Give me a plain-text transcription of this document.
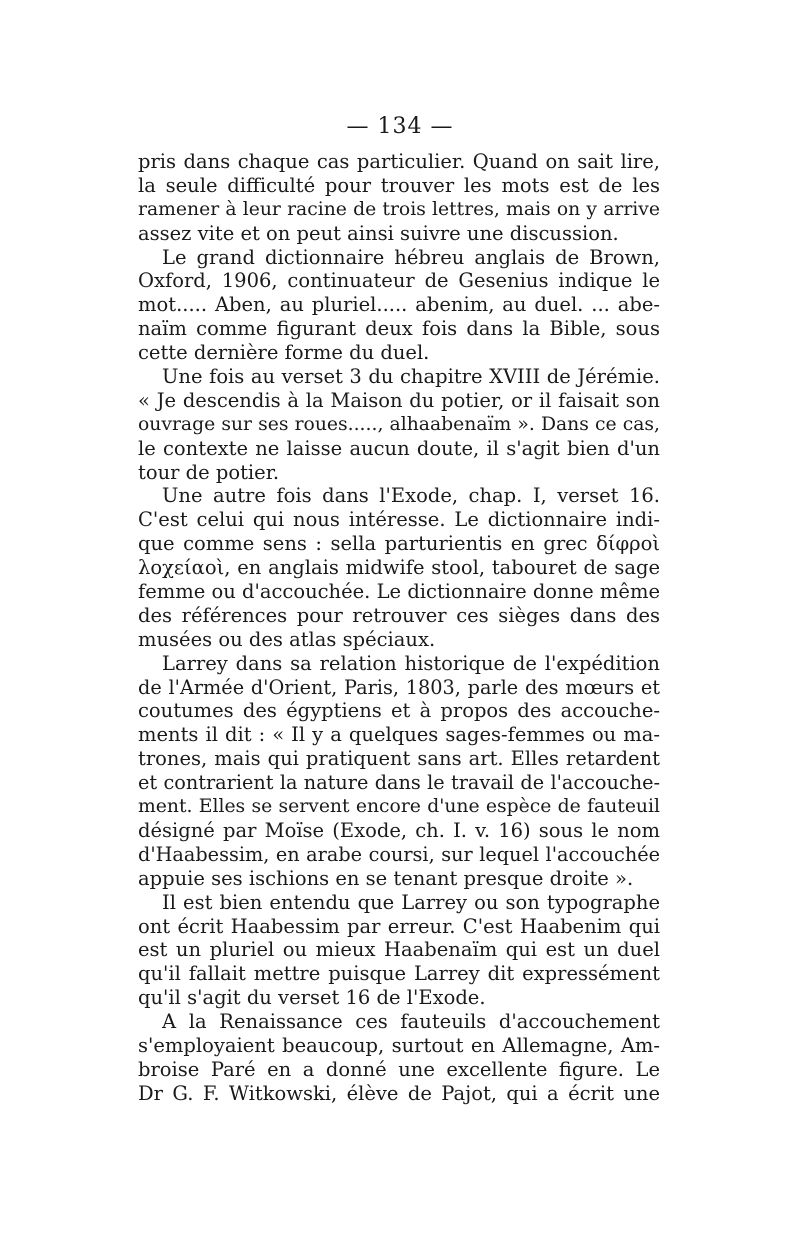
— 134 —
pris dans chaque cas particulier. Quand on sait lire,
la seule difficulté pour trouver les mots est de les
ramener à leur racine de trois lettres, mais on y arrive
assez vite et on peut ainsi suivre une discussion.
Le grand dictionnaire hébreu anglais de Brown,
Oxford, 1906, continuateur de Gesenius indique le
mot..... Aben, au pluriel..... abenim, au duel. ... abe-
naïm comme figurant deux fois dans la Bible, sous
cette dernière forme du duel.
Une fois au verset 3 du chapitre XVIII de Jérémie.
« Je descendis à la Maison du potier, or il faisait son
ouvrage sur ses roues....., alhaabenaïm ». Dans ce cas,
le contexte ne laisse aucun doute, il s'agit bien d'un
tour de potier.
Une autre fois dans l'Exode, chap. I, verset 16.
C'est celui qui nous intéresse. Le dictionnaire indi-
que comme sens : sella parturientis en grec δίφροὶ
λοχείαοὶ, en anglais midwife stool, tabouret de sage
femme ou d'accouchée. Le dictionnaire donne même
des références pour retrouver ces sièges dans des
musées ou des atlas spéciaux.
Larrey dans sa relation historique de l'expédition
de l'Armée d'Orient, Paris, 1803, parle des mœurs et
coutumes des égyptiens et à propos des accouche-
ments il dit : « Il y a quelques sages-femmes ou ma-
trones, mais qui pratiquent sans art. Elles retardent
et contrarient la nature dans le travail de l'accouche-
ment. Elles se servent encore d'une espèce de fauteuil
désigné par Moïse (Exode, ch. I. v. 16) sous le nom
d'Haabessim, en arabe coursi, sur lequel l'accouchée
appuie ses ischions en se tenant presque droite ».
Il est bien entendu que Larrey ou son typographe
ont écrit Haabessim par erreur. C'est Haabenim qui
est un pluriel ou mieux Haabenaïm qui est un duel
qu'il fallait mettre puisque Larrey dit expressément
qu'il s'agit du verset 16 de l'Exode.
A la Renaissance ces fauteuils d'accouchement
s'employaient beaucoup, surtout en Allemagne, Am-
broise Paré en a donné une excellente figure. Le
Dr G. F. Witkowski, élève de Pajot, qui a écrit une
